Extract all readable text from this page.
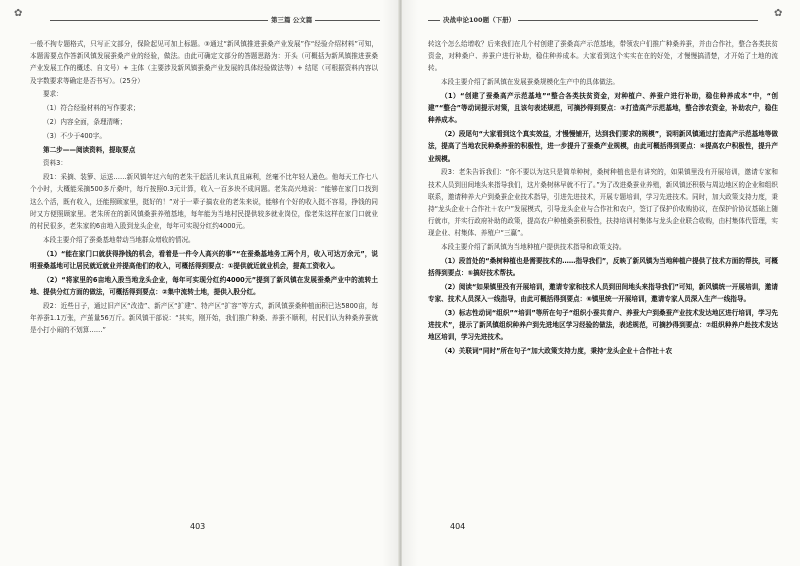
✿
第三篇 公文篇

一般不拘专题格式，只写正文部分，保险起见可加上标题。③通过“新风镇推进蚕桑产业发展”作“经验介绍材料”可知，本题需要点作答新风镇发展蚕桑产业的经验，做法。由此可确定文部分的答题思路为：开头（可概括为新风镇推进蚕桑产业发展工作的概述、自文号）+ 主体（主要涉及新风镇蚕桑产业发展的具体经验做法等）+ 结尾（可根据资料内容以及字数要求等确定是否书写）。（25分）

要求：

（1）符合经验材料的写作要求；

（2）内容全面，条理清晰；

（3）不少于400字。

第二步——阅读资料，提取要点

资料3：

段1：采摘、装箩、运送……新风镇年过六旬的老朱干起活儿来认真且麻利，丝毫不比年轻人逊色。他每天工作七八个小时，大概能采摘500多斤桑叶，每斤按照0.3元计算，收入一百多块不成问题。老朱高兴地说：“能够在家门口找到这么个活，既有收入，还能照顾家里，挺好的！”对于一辈子搞农业的老朱来说，能够有个好的收入挺不容易，挣钱的同时又方便照顾家里。老朱所在的新风镇桑蚕养殖基地，每年能为当地村民提供较多就业岗位，像老朱这样在家门口就业的村民很多，老朱家的6亩地入股到龙头企业，每年可实现分红约4000元。

本段主要介绍了蚕桑基地带动当地群众增收的情况。

（1）“能在家门口就获得挣钱的机会，看着是一件令人高兴的事”“在蚕桑基地务工两个月，收入可达万余元”，说明蚕桑基地可让居民就近就业并提高他们的收入，可概括得到要点：①提供就近就业机会，提高工资收入。

（2）“将家里的6亩地入股当地龙头企业，每年可实现分红约4000元”提到了新风镇在发展蚕桑产业中的流转土地、提供分红方面的做法，可概括得到要点：②集中流转土地，提供入股分红。

段2：近些日子，通过旧产区“改造”、新产区“扩建”、特产区“扩容”等方式，新风镇蚕桑种植面积已达5800亩，每年养蚕1.1万张，产茧量56万斤。新风镇干部说：“其实，刚开始，我们推广种桑、养蚕不顺利，村民们认为种桑养蚕就是小打小闹的不划算……”

403
✿
决战申论100题（下册）

转这个怎么给增收？后来我们在几个村创建了蚕桑高产示范基地，带领农户们推广种桑养蚕，并由合作社，整合各类扶贫资金，对种桑户、养蚕户进行补助，稳住种养成本。大家看到这个实实在在的好处，才慢慢搞清楚，才开始了土地的流转。

本段主要介绍了新风镇在发展蚕桑规模化生产中的具体做法。

（1）“创建了蚕桑高产示范基地”“整合各类扶贫资金，对种植户、养蚕户进行补助，稳住种养成本”中，“创建”“整合”等动词提示对策，且该句表述规范，可摘抄得到要点：③打造高产示范基地，整合涉农资金，补助农户，稳住种养成本。

（2）段尾句“大家看到这个真实效益，才慢慢铺开，达到我们要求的规模”，说明新风镇通过打造高产示范基地等做法，提高了当地农民种桑养蚕的积极性，进一步提升了蚕桑产业规模，由此可概括得到要点：④提高农户积极性，提升产业规模。

段3：老朱告诉我们：“你不要以为这只是简单种树，桑树种植也是有讲究的，如果镇里没有开展培训，邀请专家和技术人员到田间地头来指导我们，这片桑树林早就不行了。”为了改进桑蚕业养殖，新风镇还积极与周边地区的企业和组织联系，邀请种养大户到桑蚕企业技术指导，引进先进技术，开展专题培训，学习先进技术。同时，加大政策支持力度，秉持“龙头企业＋合作社＋农户”发展模式，引导龙头企业与合作社和农户，签订了保护价收购协议，在保护价协议基础上随行就市，并实行政府补助的政策，提高农户种植桑蚕积极性，扶持培训村集体与龙头企业联合收购，由村集体代管理，实现企业、村集体、养殖户“三赢”。

本段主要介绍了新风镇为当地种植户提供技术指导和政策支持。

（1）段首处的“桑树种植也是需要技术的……指导我们”，反映了新风镇为当地种植户提供了技术方面的帮扶，可概括得到要点：⑤搞好技术帮扶。

（2）阅读“如果镇里没有开展培训，邀请专家和技术人员到田间地头来指导我们”可知，新风镇统一开展培训，邀请专家、技术人员深入一线指导，由此可概括得到要点：⑥镇里统一开展培训，邀请专家人员深入生产一线指导。

（3）标志性动词“组织”“培训”等所在句子“组织小蚕共育户、养蚕大户到桑蚕产业技术发达地区进行培训，学习先进技术”，提示了新风镇组织种养户到先进地区学习经验的做法，表述规范，可摘抄得到要点：⑦组织种养户赴技术发达地区培训，学习先进技术。

（4）关联词“同时”所在句子“加大政策支持力度，秉持‘龙头企业＋合作社＋农

404
